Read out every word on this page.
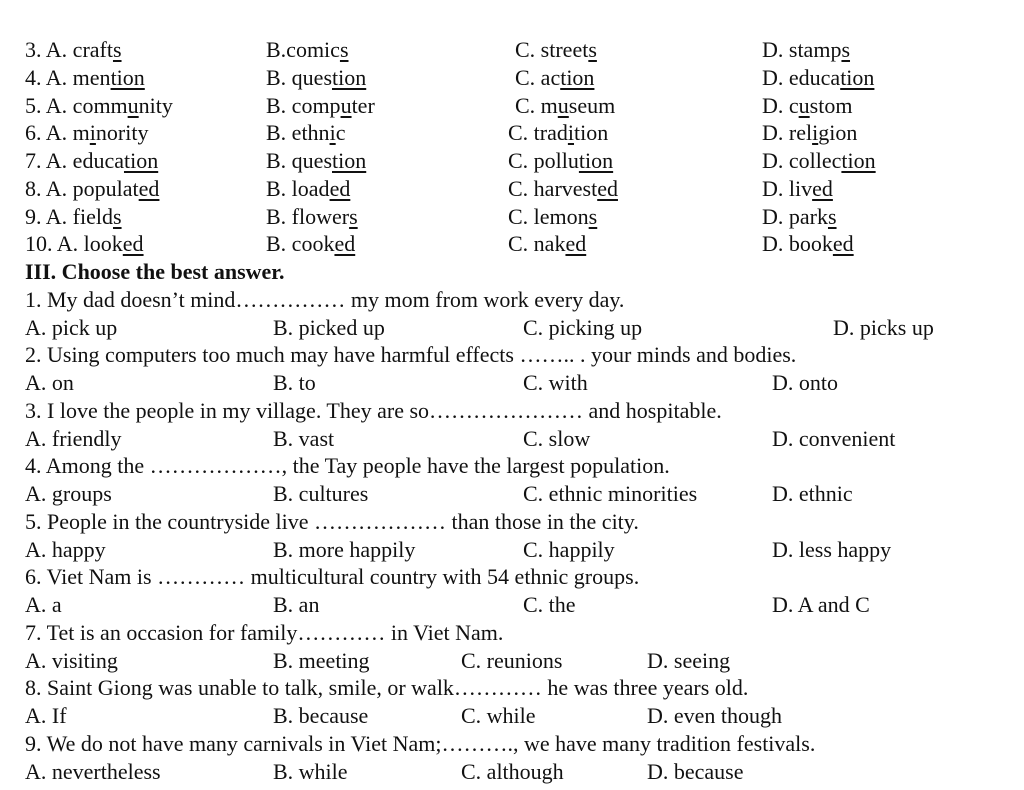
3. A. crafts	B.comics	C. streets	D. stamps
4. A. mention	B. question	C. action	D. education
5. A. community	B. computer	C. museum	D. custom
6. A. minority	B. ethnic	C. tradition	D. religion
7. A. education	B. question	C. pollution	D. collection
8. A. populated	B. loaded	C. harvested	D. lived
9. A. fields	B. flowers	C. lemons	D. parks
10. A. looked	B. cooked	C. naked	D. booked
III. Choose the best answer.
1. My dad doesn’t mind…………… my mom from work every day.
A. pick up	B. picked up	C. picking up	D. picks up
2. Using computers too much may have harmful effects …….. . your minds and bodies.
A. on	B. to	C. with	D. onto
3. I love the people in my village. They are so………………… and hospitable.
A. friendly	B. vast	C. slow	D. convenient
4. Among the ………………, the Tay people have the largest population.
A. groups	B. cultures	C. ethnic minorities	D. ethnic
5. People in the countryside live ……………… than those in the city.
A. happy	B. more happily	C. happily	D. less happy
6. Viet Nam is ………… multicultural country with 54 ethnic groups.
A. a	B. an	C. the	D. A and C
7. Tet is an occasion for family………… in Viet Nam.
A. visiting	B. meeting	C. reunions	D. seeing
8. Saint Giong was unable to talk, smile, or walk………… he was three years old.
A. If	B. because	C. while	D. even though
9. We do not have many carnivals in Viet Nam;………., we have many tradition festivals.
A. nevertheless	B. while	C. although	D. because
